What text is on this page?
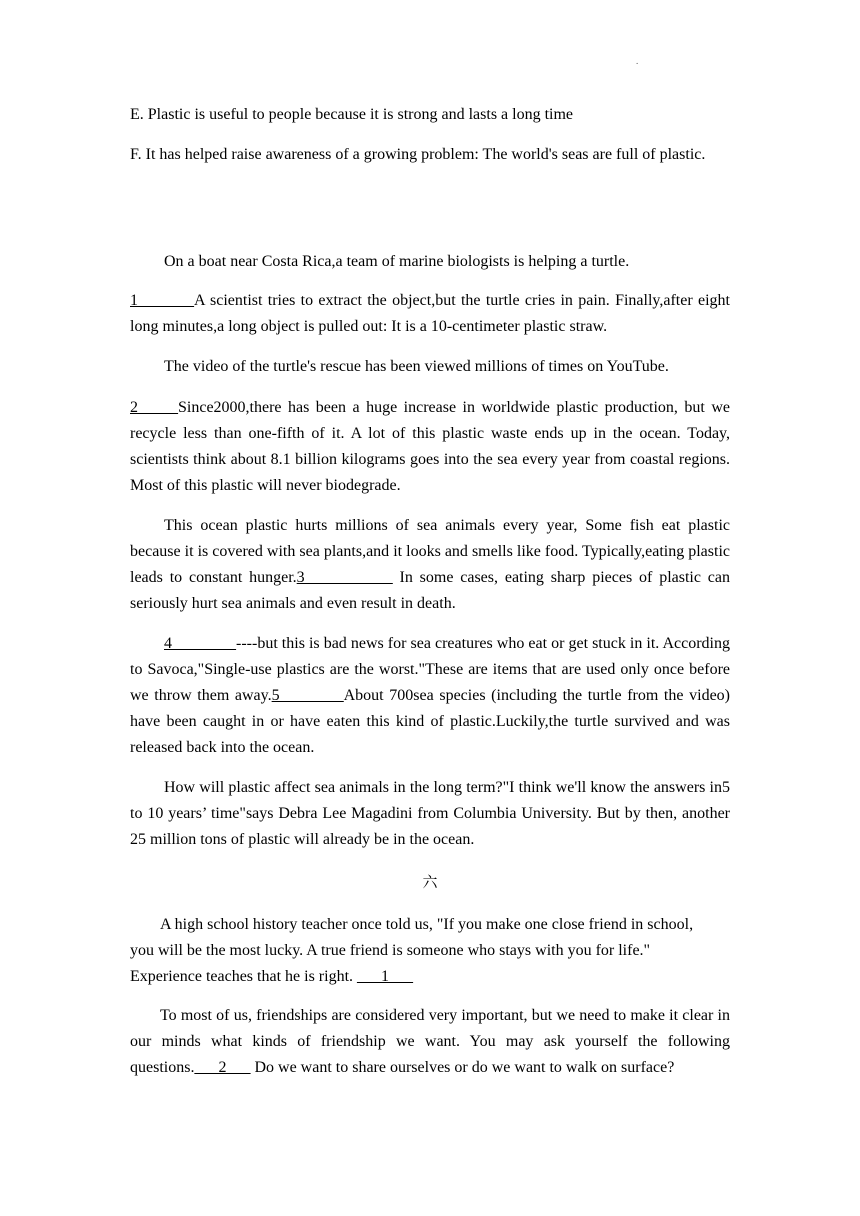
.

E. Plastic is useful to people because it is strong and lasts a long time

F. It has helped raise awareness of a growing problem: The world's seas are full of plastic.

On a boat near Costa Rica,a team of marine biologists is helping a turtle.

1_______A scientist tries to extract the object,but the turtle cries in pain. Finally,after eight long minutes,a long object is pulled out: It is a 10-centimeter plastic straw.

The video of the turtle's rescue has been viewed millions of times on YouTube.

2_____Since2000,there has been a huge increase in worldwide plastic production, but we recycle less than one-fifth of it. A lot of this plastic waste ends up in the ocean. Today, scientists think about 8.1 billion kilograms goes into the sea every year from coastal regions. Most of this plastic will never biodegrade.

This ocean plastic hurts millions of sea animals every year, Some fish eat plastic because it is covered with sea plants,and it looks and smells like food. Typically,eating plastic leads to constant hunger.3___________ In some cases, eating sharp pieces of plastic can seriously hurt sea animals and even result in death.

4________----but this is bad news for sea creatures who eat or get stuck in it. According to Savoca,"Single-use plastics are the worst."These are items that are used only once before we throw them away.5________About 700sea species (including the turtle from the video) have been caught in or have eaten this kind of plastic.Luckily,the turtle survived and was released back into the ocean.

How will plastic affect sea animals in the long term?"I think we'll know the answers in5 to 10 years’ time"says Debra Lee Magadini from Columbia University. But by then, another 25 million tons of plastic will already be in the ocean.

六

A high school history teacher once told us, "If you make one close friend in school, you will be the most lucky. A true friend is someone who stays with you for life." Experience teaches that he is right. ___1___

To most of us, friendships are considered very important, but we need to make it clear in our minds what kinds of friendship we want. You may ask yourself the following questions.___2___ Do we want to share ourselves or do we want to walk on surface?
